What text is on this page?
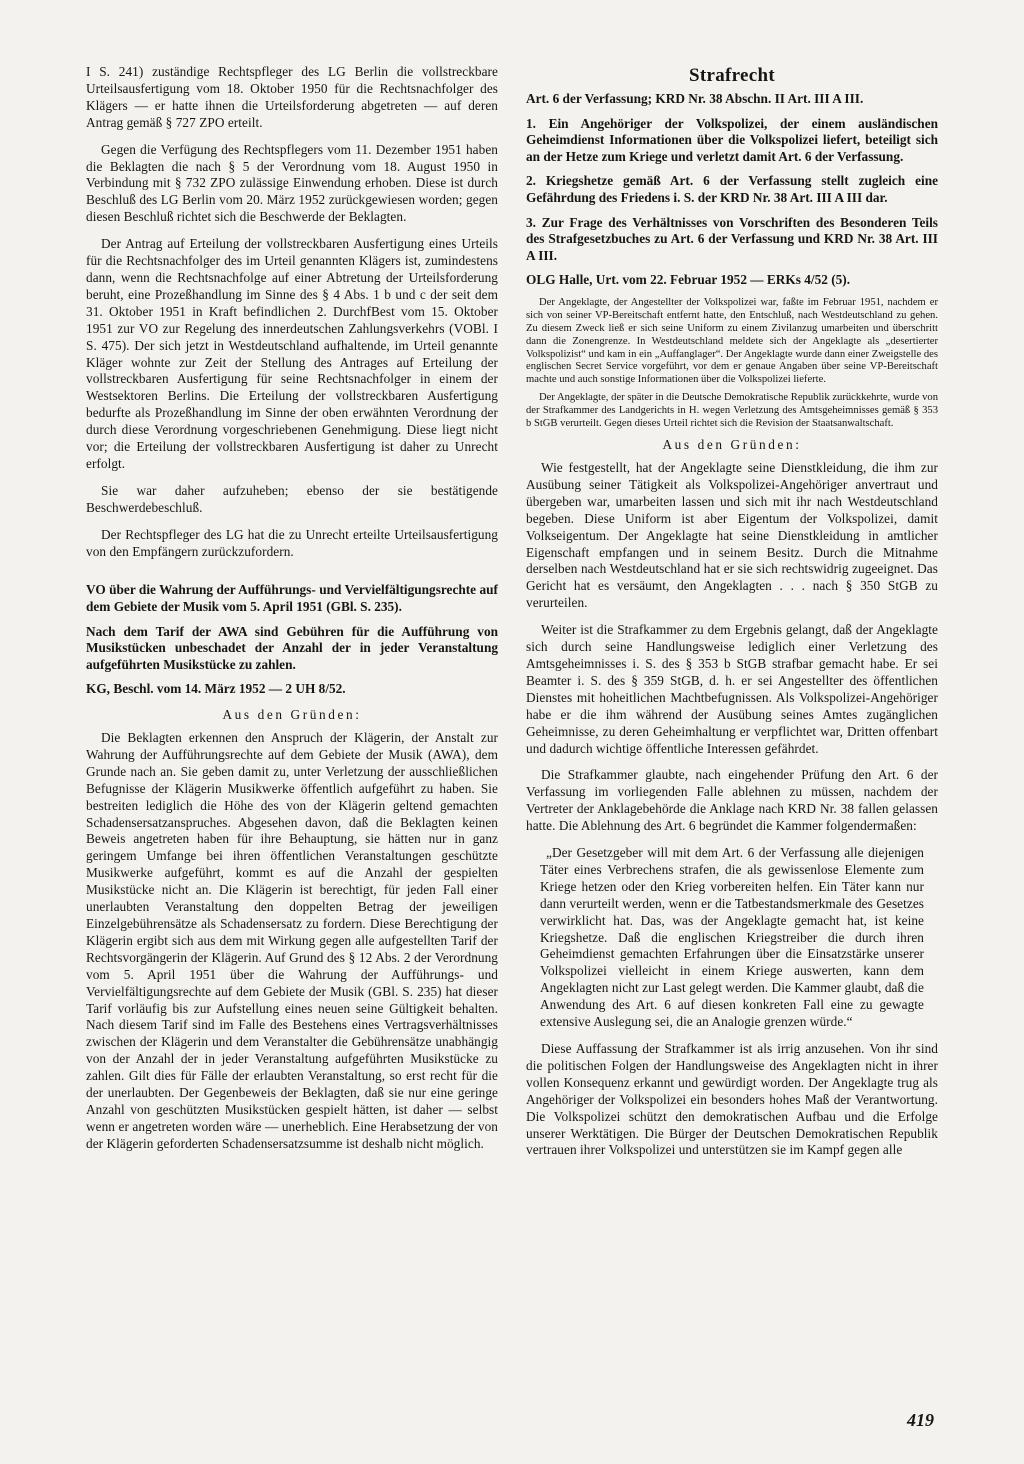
I S. 241) zuständige Rechtspfleger des LG Berlin die vollstreckbare Urteilsausfertigung vom 18. Oktober 1950 für die Rechtsnachfolger des Klägers — er hatte ihnen die Urteilsforderung abgetreten — auf deren Antrag gemäß § 727 ZPO erteilt.

Gegen die Verfügung des Rechtspflegers vom 11. Dezember 1951 haben die Beklagten die nach § 5 der Verordnung vom 18. August 1950 in Verbindung mit § 732 ZPO zulässige Einwendung erhoben. Diese ist durch Beschluß des LG Berlin vom 20. März 1952 zurückgewiesen worden; gegen diesen Beschluß richtet sich die Beschwerde der Beklagten.

Der Antrag auf Erteilung der vollstreckbaren Ausfertigung eines Urteils für die Rechtsnachfolger des im Urteil genannten Klägers ist, zumindestens dann, wenn die Rechtsnachfolge auf einer Abtretung der Urteilsforderung beruht, eine Prozeßhandlung im Sinne des § 4 Abs. 1 b und c der seit dem 31. Oktober 1951 in Kraft befindlichen 2. DurchfBest vom 15. Oktober 1951 zur VO zur Regelung des innerdeutschen Zahlungsverkehrs (VOBl. I S. 475). Der sich jetzt in Westdeutschland aufhaltende, im Urteil genannte Kläger wohnte zur Zeit der Stellung des Antrages auf Erteilung der vollstreckbaren Ausfertigung für seine Rechtsnachfolger in einem der Westsektoren Berlins. Die Erteilung der vollstreckbaren Ausfertigung bedurfte als Prozeßhandlung im Sinne der oben erwähnten Verordnung der durch diese Verordnung vorgeschriebenen Genehmigung. Diese liegt nicht vor; die Erteilung der vollstreckbaren Ausfertigung ist daher zu Unrecht erfolgt.

Sie war daher aufzuheben; ebenso der sie bestätigende Beschwerdebeschluß.

Der Rechtspfleger des LG hat die zu Unrecht erteilte Urteilsausfertigung von den Empfängern zurückzufordern.

VO über die Wahrung der Aufführungs- und Vervielfältigungsrechte auf dem Gebiete der Musik vom 5. April 1951 (GBl. S. 235).

Nach dem Tarif der AWA sind Gebühren für die Aufführung von Musikstücken unbeschadet der Anzahl der in jeder Veranstaltung aufgeführten Musikstücke zu zahlen.

KG, Beschl. vom 14. März 1952 — 2 UH 8/52.

Aus den Gründen:

Die Beklagten erkennen den Anspruch der Klägerin, der Anstalt zur Wahrung der Aufführungsrechte auf dem Gebiete der Musik (AWA), dem Grunde nach an. Sie geben damit zu, unter Verletzung der ausschließlichen Befugnisse der Klägerin Musikwerke öffentlich aufgeführt zu haben. Sie bestreiten lediglich die Höhe des von der Klägerin geltend gemachten Schadensersatzanspruches. Abgesehen davon, daß die Beklagten keinen Beweis angetreten haben für ihre Behauptung, sie hätten nur in ganz geringem Umfange bei ihren öffentlichen Veranstaltungen geschützte Musikwerke aufgeführt, kommt es auf die Anzahl der gespielten Musikstücke nicht an. Die Klägerin ist berechtigt, für jeden Fall einer unerlaubten Veranstaltung den doppelten Betrag der jeweiligen Einzelgebührensätze als Schadensersatz zu fordern. Diese Berechtigung der Klägerin ergibt sich aus dem mit Wirkung gegen alle aufgestellten Tarif der Rechtsvorgängerin der Klägerin. Auf Grund des § 12 Abs. 2 der Verordnung vom 5. April 1951 über die Wahrung der Aufführungs- und Vervielfältigungsrechte auf dem Gebiete der Musik (GBl. S. 235) hat dieser Tarif vorläufig bis zur Aufstellung eines neuen seine Gültigkeit behalten. Nach diesem Tarif sind im Falle des Bestehens eines Vertragsverhältnisses zwischen der Klägerin und dem Veranstalter die Gebührensätze unabhängig von der Anzahl der in jeder Veranstaltung aufgeführten Musikstücke zu zahlen. Gilt dies für Fälle der erlaubten Veranstaltung, so erst recht für die der unerlaubten. Der Gegenbeweis der Beklagten, daß sie nur eine geringe Anzahl von geschützten Musikstücken gespielt hätten, ist daher — selbst wenn er angetreten worden wäre — unerheblich. Eine Herabsetzung der von der Klägerin geforderten Schadensersatzsumme ist deshalb nicht möglich.

Strafrecht

Art. 6 der Verfassung; KRD Nr. 38 Abschn. II Art. III A III.

1. Ein Angehöriger der Volkspolizei, der einem ausländischen Geheimdienst Informationen über die Volkspolizei liefert, beteiligt sich an der Hetze zum Kriege und verletzt damit Art. 6 der Verfassung.

2. Kriegshetze gemäß Art. 6 der Verfassung stellt zugleich eine Gefährdung des Friedens i. S. der KRD Nr. 38 Art. III A III dar.

3. Zur Frage des Verhältnisses von Vorschriften des Besonderen Teils des Strafgesetzbuches zu Art. 6 der Verfassung und KRD Nr. 38 Art. III A III.

OLG Halle, Urt. vom 22. Februar 1952 — ERKs 4/52 (5).

Der Angeklagte, der Angestellter der Volkspolizei war, faßte im Februar 1951, nachdem er sich von seiner VP-Bereitschaft entfernt hatte, den Entschluß, nach Westdeutschland zu gehen. Zu diesem Zweck ließ er sich seine Uniform zu einem Zivilanzug umarbeiten und überschritt dann die Zonengrenze. In Westdeutschland meldete sich der Angeklagte als „desertierter Volkspolizist“ und kam in ein „Auffanglager“. Der Angeklagte wurde dann einer Zweigstelle des englischen Secret Service vorgeführt, vor dem er genaue Angaben über seine VP-Bereitschaft machte und auch sonstige Informationen über die Volkspolizei lieferte.

Der Angeklagte, der später in die Deutsche Demokratische Republik zurückkehrte, wurde von der Strafkammer des Landgerichts in H. wegen Verletzung des Amtsgeheimnisses gemäß § 353 b StGB verurteilt. Gegen dieses Urteil richtet sich die Revision der Staatsanwaltschaft.

Aus den Gründen:

Wie festgestellt, hat der Angeklagte seine Dienstkleidung, die ihm zur Ausübung seiner Tätigkeit als Volkspolizei-Angehöriger anvertraut und übergeben war, umarbeiten lassen und sich mit ihr nach Westdeutschland begeben. Diese Uniform ist aber Eigentum der Volkspolizei, damit Volkseigentum. Der Angeklagte hat seine Dienstkleidung in amtlicher Eigenschaft empfangen und in seinem Besitz. Durch die Mitnahme derselben nach Westdeutschland hat er sie sich rechtswidrig zugeeignet. Das Gericht hat es versäumt, den Angeklagten . . . nach § 350 StGB zu verurteilen.

Weiter ist die Strafkammer zu dem Ergebnis gelangt, daß der Angeklagte sich durch seine Handlungsweise lediglich einer Verletzung des Amtsgeheimnisses i. S. des § 353 b StGB strafbar gemacht habe. Er sei Beamter i. S. des § 359 StGB, d. h. er sei Angestellter des öffentlichen Dienstes mit hoheitlichen Machtbefugnissen. Als Volkspolizei-Angehöriger habe er die ihm während der Ausübung seines Amtes zugänglichen Geheimnisse, zu deren Geheimhaltung er verpflichtet war, Dritten offenbart und dadurch wichtige öffentliche Interessen gefährdet.

Die Strafkammer glaubte, nach eingehender Prüfung den Art. 6 der Verfassung im vorliegenden Falle ablehnen zu müssen, nachdem der Vertreter der Anklagebehörde die Anklage nach KRD Nr. 38 fallen gelassen hatte. Die Ablehnung des Art. 6 begründet die Kammer folgendermaßen:

„Der Gesetzgeber will mit dem Art. 6 der Verfassung alle diejenigen Täter eines Verbrechens strafen, die als gewissenlose Elemente zum Kriege hetzen oder den Krieg vorbereiten helfen. Ein Täter kann nur dann verurteilt werden, wenn er die Tatbestandsmerkmale des Gesetzes verwirklicht hat. Das, was der Angeklagte gemacht hat, ist keine Kriegshetze. Daß die englischen Kriegstreiber die durch ihren Geheimdienst gemachten Erfahrungen über die Einsatzstärke unserer Volkspolizei vielleicht in einem Kriege auswerten, kann dem Angeklagten nicht zur Last gelegt werden. Die Kammer glaubt, daß die Anwendung des Art. 6 auf diesen konkreten Fall eine zu gewagte extensive Auslegung sei, die an Analogie grenzen würde.“

Diese Auffassung der Strafkammer ist als irrig anzusehen. Von ihr sind die politischen Folgen der Handlungsweise des Angeklagten nicht in ihrer vollen Konsequenz erkannt und gewürdigt worden. Der Angeklagte trug als Angehöriger der Volkspolizei ein besonders hohes Maß der Verantwortung. Die Volkspolizei schützt den demokratischen Aufbau und die Erfolge unserer Werktätigen. Die Bürger der Deutschen Demokratischen Republik vertrauen ihrer Volkspolizei und unterstützen sie im Kampf gegen alle

419
